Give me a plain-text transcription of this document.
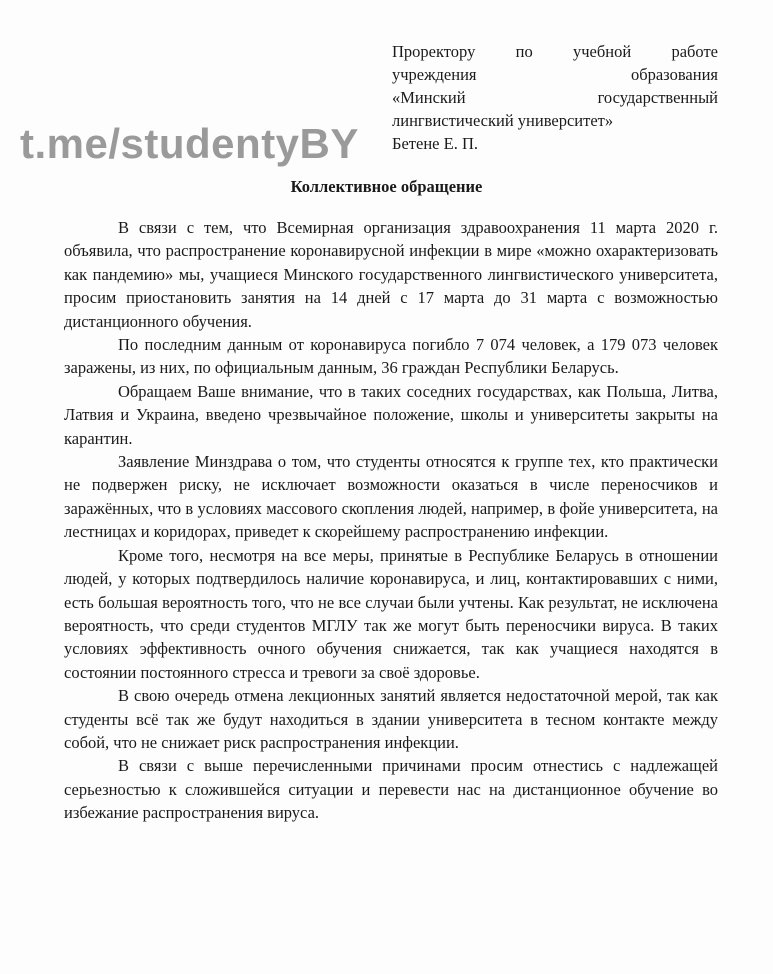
t.me/studentyBY
Проректору по учебной работе
учреждения образования
«Минский государственный
лингвистический университет»
Бетене Е. П.
Коллективное обращение

В связи с тем, что Всемирная организация здравоохранения 11 марта 2020 г. объявила, что распространение коронавирусной инфекции в мире «можно охарактеризовать как пандемию» мы, учащиеся Минского государственного лингвистического университета, просим приостановить занятия на 14 дней с 17 марта до 31 марта с возможностью дистанционного обучения.

По последним данным от коронавируса погибло 7 074 человек, а 179 073 человек заражены, из них, по официальным данным, 36 граждан Республики Беларусь.

Обращаем Ваше внимание, что в таких соседних государствах, как Польша, Литва, Латвия и Украина, введено чрезвычайное положение, школы и университеты закрыты на карантин.

Заявление Минздрава о том, что студенты относятся к группе тех, кто практически не подвержен риску, не исключает возможности оказаться в числе переносчиков и заражённых, что в условиях массового скопления людей, например, в фойе университета, на лестницах и коридорах, приведет к скорейшему распространению инфекции.

Кроме того, несмотря на все меры, принятые в Республике Беларусь в отношении людей, у которых подтвердилось наличие коронавируса, и лиц, контактировавших с ними, есть большая вероятность того, что не все случаи были учтены. Как результат, не исключена вероятность, что среди студентов МГЛУ так же могут быть переносчики вируса. В таких условиях эффективность очного обучения снижается, так как учащиеся находятся в состоянии постоянного стресса и тревоги за своё здоровье.

В свою очередь отмена лекционных занятий является недостаточной мерой, так как студенты всё так же будут находиться в здании университета в тесном контакте между собой, что не снижает риск распространения инфекции.

В связи с выше перечисленными причинами просим отнестись с надлежащей серьезностью к сложившейся ситуации и перевести нас на дистанционное обучение во избежание распространения вируса.
